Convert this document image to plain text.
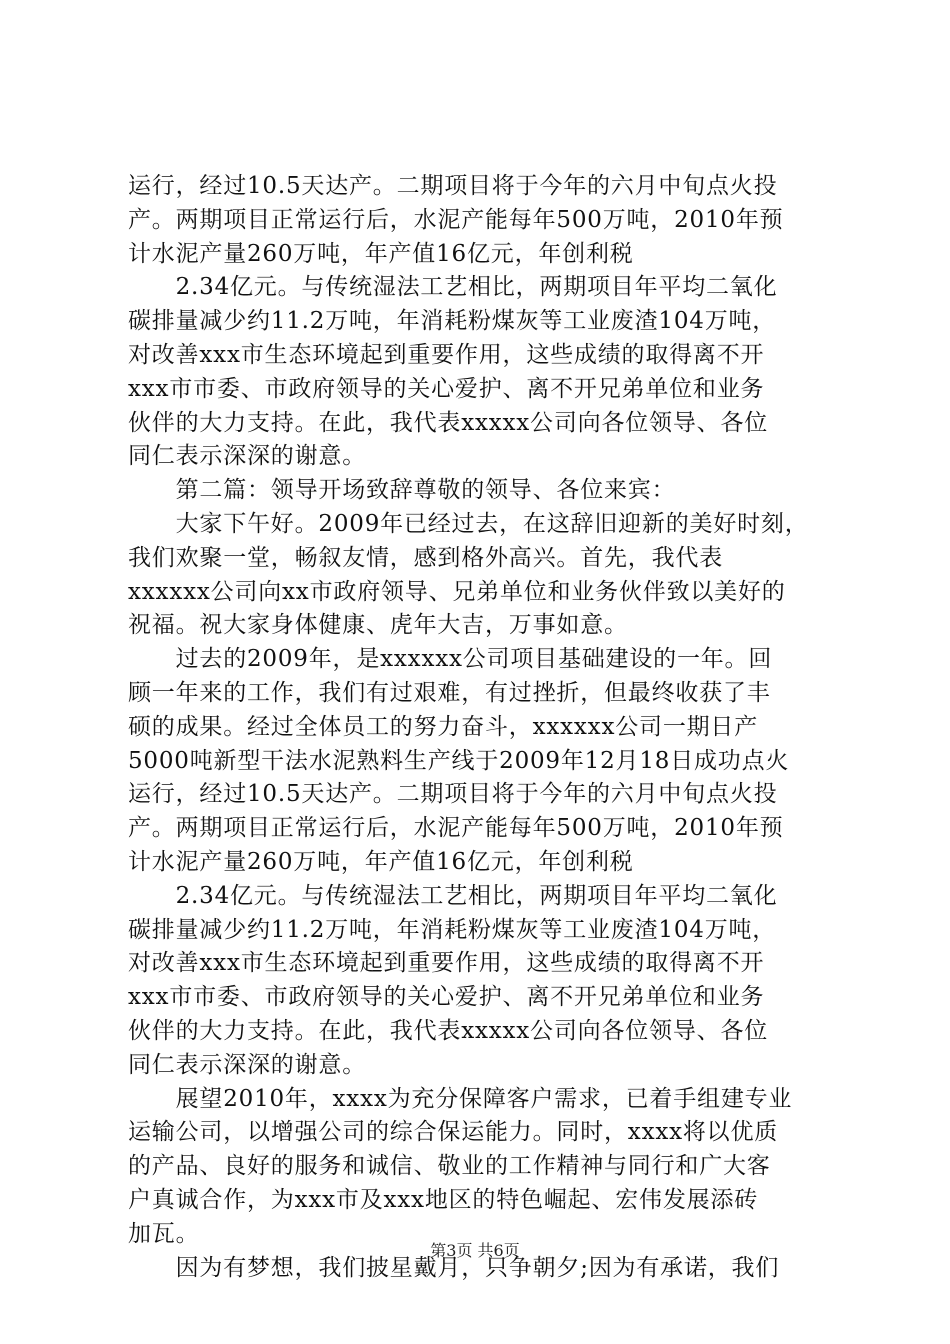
运行，经过10.5天达产。二期项目将于今年的六月中旬点火投
产。两期项目正常运行后，水泥产能每年500万吨，2010年预
计水泥产量260万吨，年产值16亿元，年创利税
　　2.34亿元。与传统湿法工艺相比，两期项目年平均二氧化
碳排量减少约11.2万吨，年消耗粉煤灰等工业废渣104万吨，
对改善xxx市生态环境起到重要作用，这些成绩的取得离不开
xxx市市委、市政府领导的关心爱护、离不开兄弟单位和业务
伙伴的大力支持。在此，我代表xxxxx公司向各位领导、各位
同仁表示深深的谢意。
　　第二篇：领导开场致辞尊敬的领导、各位来宾：
　　大家下午好。2009年已经过去，在这辞旧迎新的美好时刻，
我们欢聚一堂，畅叙友情，感到格外高兴。首先，我代表
xxxxxx公司向xx市政府领导、兄弟单位和业务伙伴致以美好的
祝福。祝大家身体健康、虎年大吉，万事如意。
　　过去的2009年，是xxxxxx公司项目基础建设的一年。回
顾一年来的工作，我们有过艰难，有过挫折，但最终收获了丰
硕的成果。经过全体员工的努力奋斗，xxxxxx公司一期日产
5000吨新型干法水泥熟料生产线于2009年12月18日成功点火
运行，经过10.5天达产。二期项目将于今年的六月中旬点火投
产。两期项目正常运行后，水泥产能每年500万吨，2010年预
计水泥产量260万吨，年产值16亿元，年创利税
　　2.34亿元。与传统湿法工艺相比，两期项目年平均二氧化
碳排量减少约11.2万吨，年消耗粉煤灰等工业废渣104万吨，
对改善xxx市生态环境起到重要作用，这些成绩的取得离不开
xxx市市委、市政府领导的关心爱护、离不开兄弟单位和业务
伙伴的大力支持。在此，我代表xxxxx公司向各位领导、各位
同仁表示深深的谢意。
　　展望2010年，xxxx为充分保障客户需求，已着手组建专业
运输公司，以增强公司的综合保运能力。同时，xxxx将以优质
的产品、良好的服务和诚信、敬业的工作精神与同行和广大客
户真诚合作，为xxx市及xxx地区的特色崛起、宏伟发展添砖
加瓦。
　　因为有梦想，我们披星戴月，只争朝夕;因为有承诺，我们
第3页 共6页
